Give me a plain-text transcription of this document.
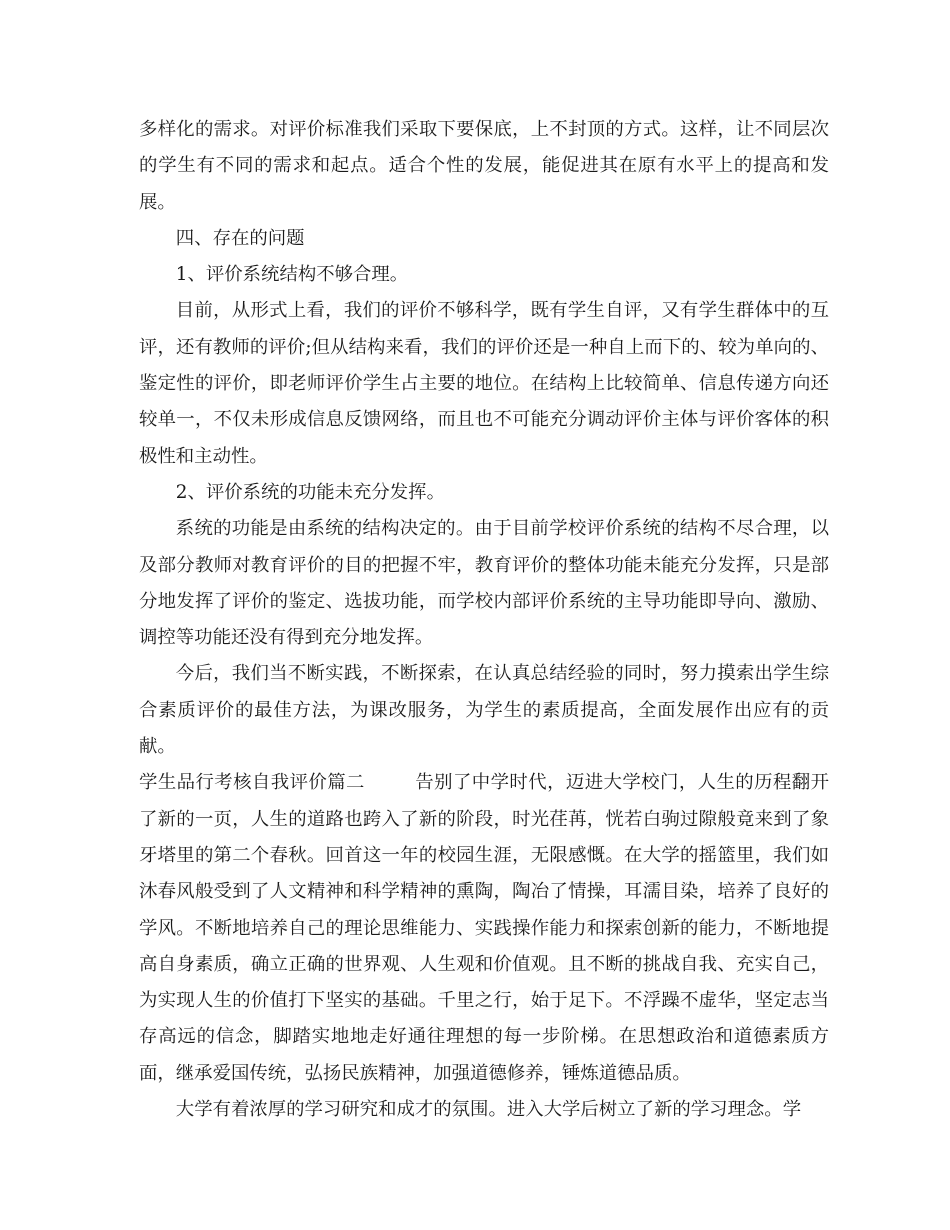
多样化的需求。对评价标准我们采取下要保底，上不封顶的方式。这样，让不同层次的学生有不同的需求和起点。适合个性的发展，能促进其在原有水平上的提高和发展。

四、存在的问题

1、评价系统结构不够合理。

目前，从形式上看，我们的评价不够科学，既有学生自评，又有学生群体中的互评，还有教师的评价;但从结构来看，我们的评价还是一种自上而下的、较为单向的、鉴定性的评价，即老师评价学生占主要的地位。在结构上比较简单、信息传递方向还较单一，不仅未形成信息反馈网络，而且也不可能充分调动评价主体与评价客体的积极性和主动性。

2、评价系统的功能未充分发挥。

系统的功能是由系统的结构决定的。由于目前学校评价系统的结构不尽合理，以及部分教师对教育评价的目的把握不牢，教育评价的整体功能未能充分发挥，只是部分地发挥了评价的鉴定、选拔功能，而学校内部评价系统的主导功能即导向、激励、调控等功能还没有得到充分地发挥。

今后，我们当不断实践，不断探索，在认真总结经验的同时，努力摸索出学生综合素质评价的最佳方法，为课改服务，为学生的素质提高，全面发展作出应有的贡献。

学生品行考核自我评价篇二	告别了中学时代，迈进大学校门，人生的历程翻开了新的一页，人生的道路也跨入了新的阶段，时光荏苒，恍若白驹过隙般竟来到了象牙塔里的第二个春秋。回首这一年的校园生涯，无限感慨。在大学的摇篮里，我们如沐春风般受到了人文精神和科学精神的熏陶，陶冶了情操，耳濡目染，培养了良好的学风。不断地培养自己的理论思维能力、实践操作能力和探索创新的能力，不断地提高自身素质，确立正确的世界观、人生观和价值观。且不断的挑战自我、充实自己，为实现人生的价值打下坚实的基础。千里之行，始于足下。不浮躁不虚华，坚定志当存高远的信念，脚踏实地地走好通往理想的每一步阶梯。在思想政治和道德素质方面，继承爱国传统，弘扬民族精神，加强道德修养，锤炼道德品质。

大学有着浓厚的学习研究和成才的氛围。进入大学后树立了新的学习理念。学
